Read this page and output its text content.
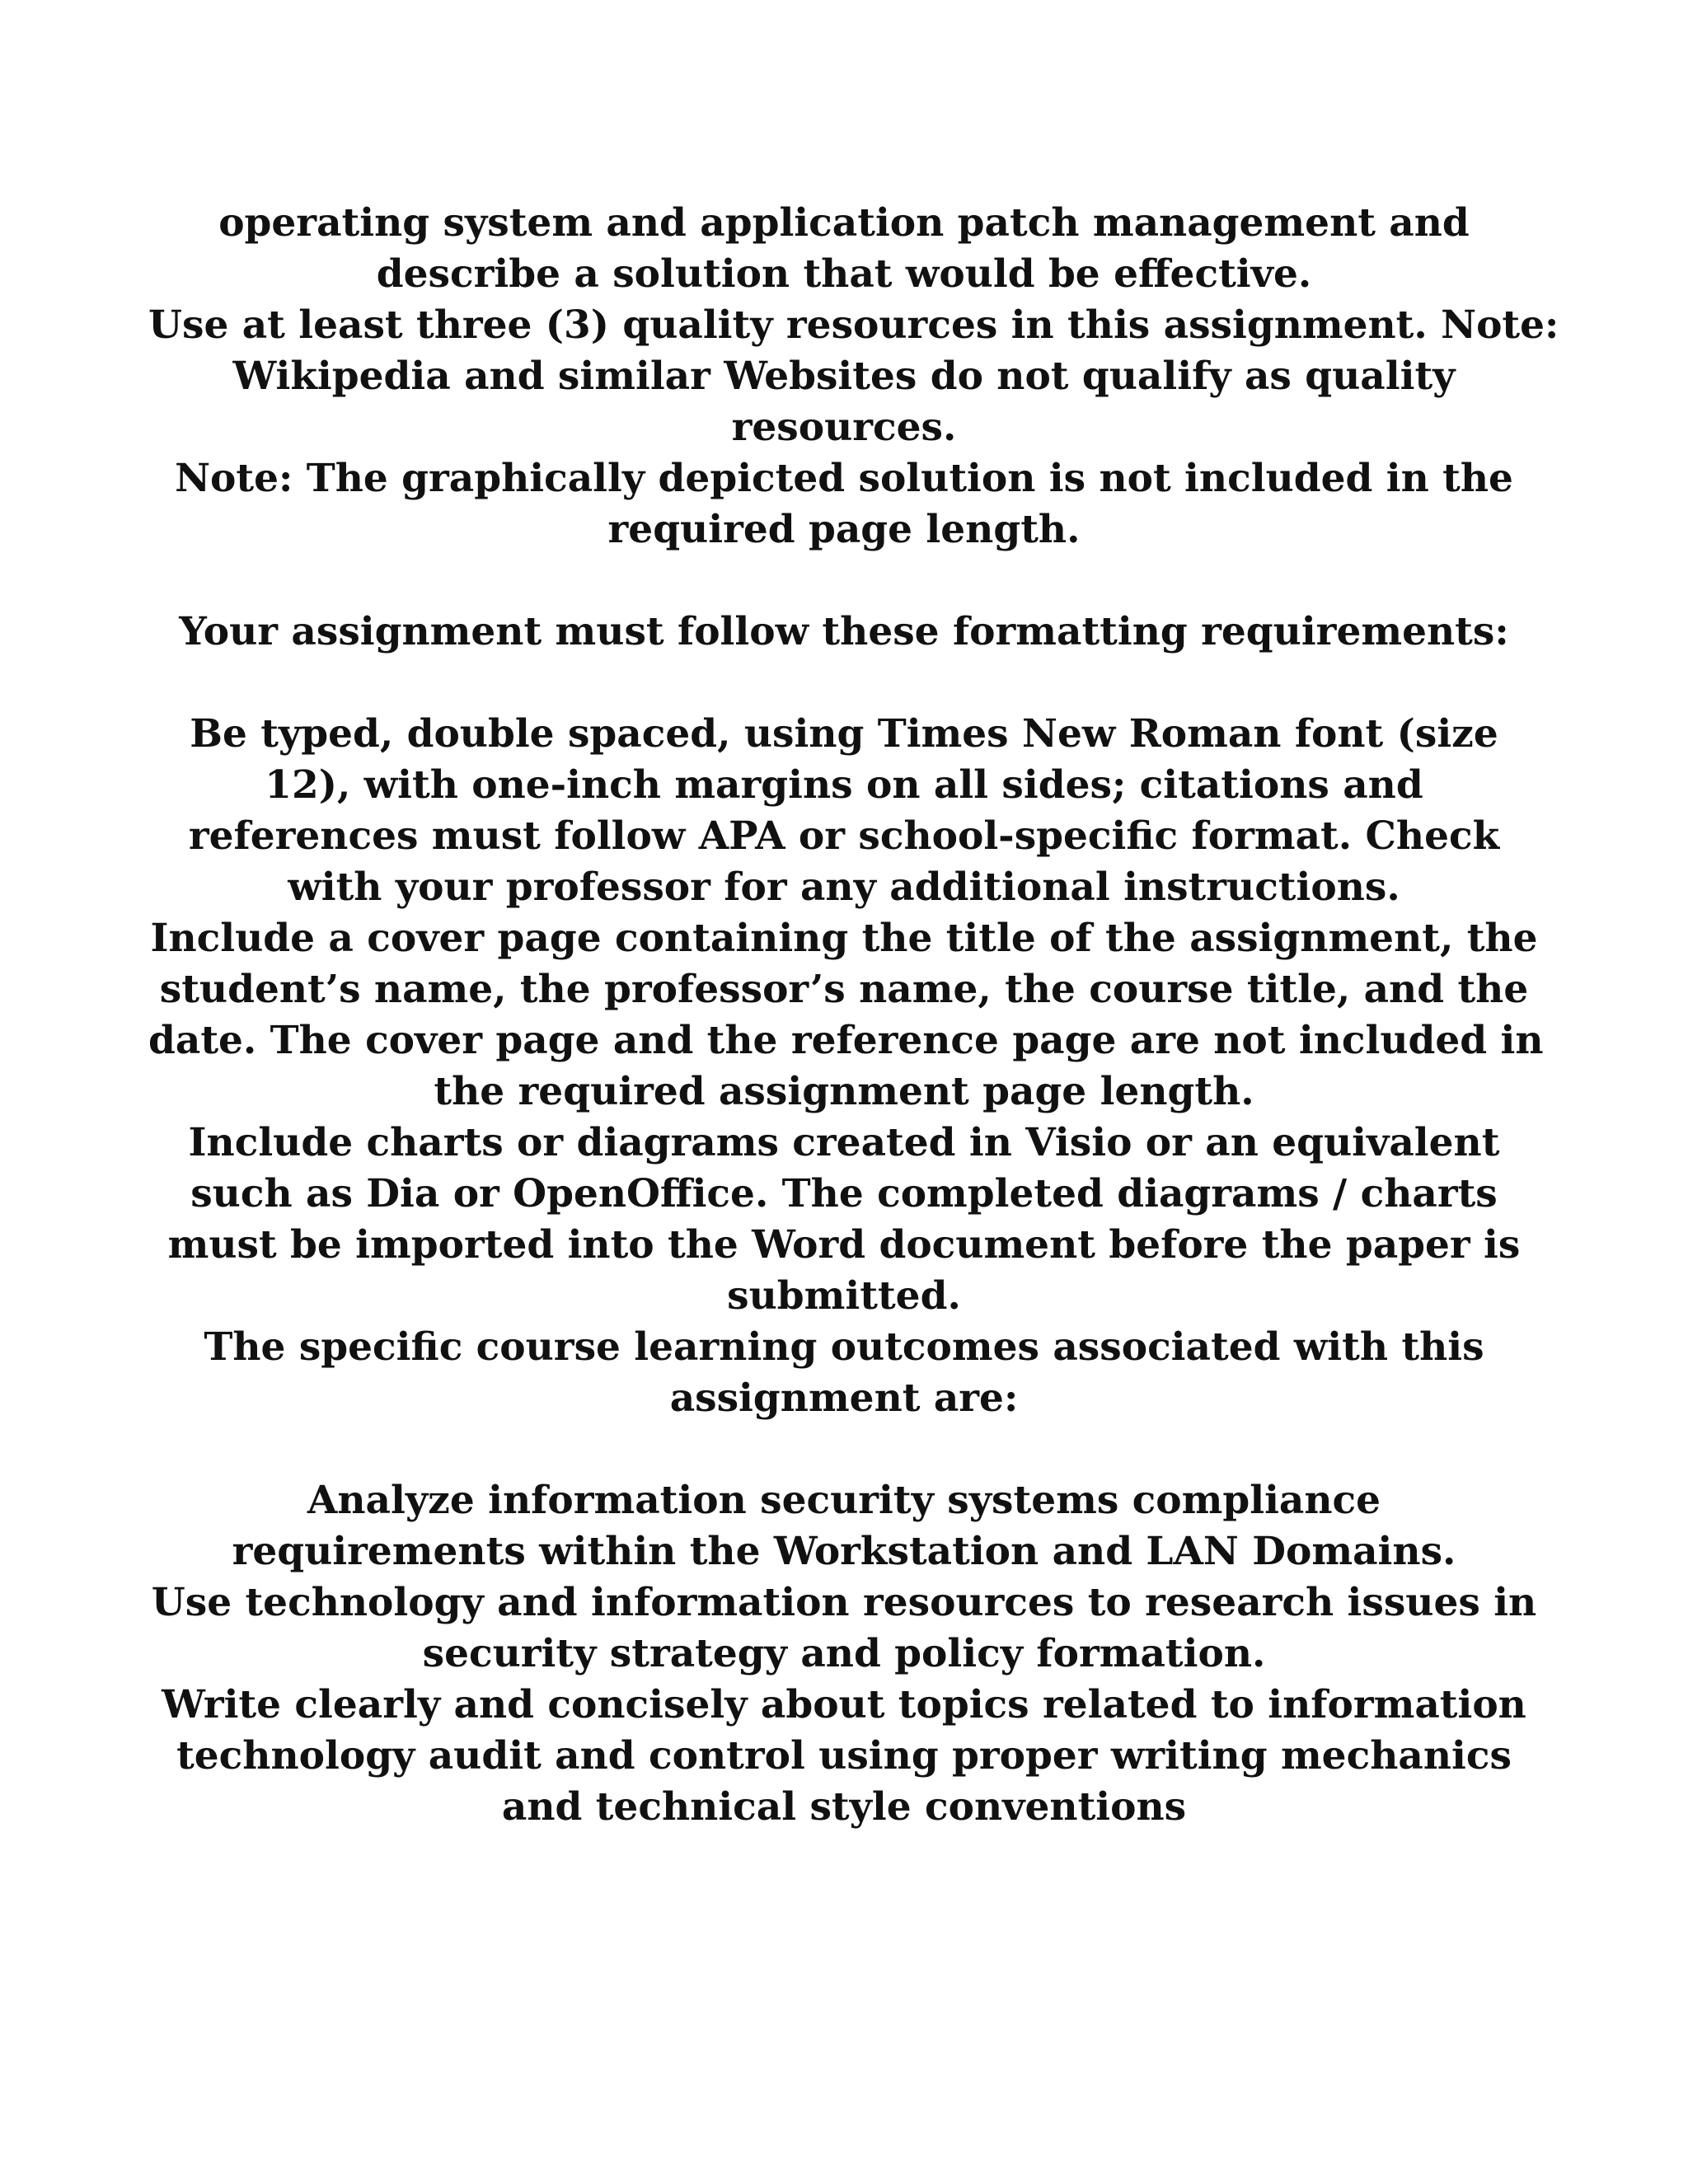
operating system and application patch management and
describe a solution that would be effective.
Use at least three (3) quality resources in this assignment. Note:
Wikipedia and similar Websites do not qualify as quality
resources.
Note: The graphically depicted solution is not included in the
required page length.
Your assignment must follow these formatting requirements:
Be typed, double spaced, using Times New Roman font (size
12), with one-inch margins on all sides; citations and
references must follow APA or school-specific format. Check
with your professor for any additional instructions.
Include a cover page containing the title of the assignment, the
student’s name, the professor’s name, the course title, and the
date. The cover page and the reference page are not included in
the required assignment page length.
Include charts or diagrams created in Visio or an equivalent
such as Dia or OpenOffice. The completed diagrams / charts
must be imported into the Word document before the paper is
submitted.
The specific course learning outcomes associated with this
assignment are:
Analyze information security systems compliance
requirements within the Workstation and LAN Domains.
Use technology and information resources to research issues in
security strategy and policy formation.
Write clearly and concisely about topics related to information
technology audit and control using proper writing mechanics
and technical style conventions
